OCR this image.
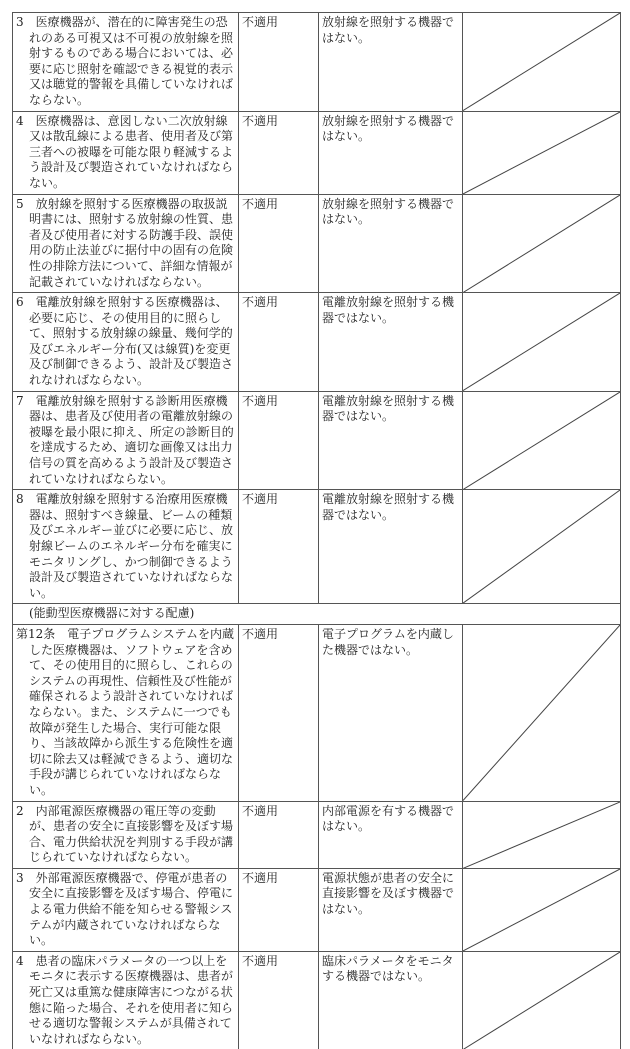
3　医療機器が、潜在的に障害発生の恐れのある可視又は不可視の放射線を照射するものである場合においては、必要に応じ照射を確認できる視覚的表示又は聴覚的警報を具備していなければならない。	不適用	放射線を照射する機器ではない。	

4　医療機器は、意図しない二次放射線又は散乱線による患者、使用者及び第三者への被曝を可能な限り軽減するよう設計及び製造されていなければならない。	不適用	放射線を照射する機器ではない。	

5　放射線を照射する医療機器の取扱説明書には、照射する放射線の性質、患者及び使用者に対する防護手段、誤使用の防止法並びに据付中の固有の危険性の排除方法について、詳細な情報が記載されていなければならない。	不適用	放射線を照射する機器ではない。	

6　電離放射線を照射する医療機器は、必要に応じ、その使用目的に照らして、照射する放射線の線量、幾何学的及びエネルギー分布(又は線質)を変更及び制御できるよう、設計及び製造されなければならない。	不適用	電離放射線を照射する機器ではない。	

7　電離放射線を照射する診断用医療機器は、患者及び使用者の電離放射線の被曝を最小限に抑え、所定の診断目的を達成するため、適切な画像又は出力信号の質を高めるよう設計及び製造されていなければならない。	不適用	電離放射線を照射する機器ではない。	

8　電離放射線を照射する治療用医療機器は、照射すべき線量、ビームの種類及びエネルギー並びに必要に応じ、放射線ビームのエネルギー分布を確実にモニタリングし、かつ制御できるよう設計及び製造されていなければならない。	不適用	電離放射線を照射する機器ではない。	

(能動型医療機器に対する配慮)			
第12条　電子プログラムシステムを内蔵した医療機器は、ソフトウェアを含めて、その使用目的に照らし、これらのシステムの再現性、信頼性及び性能が確保されるよう設計されていなければならない。また、システムに一つでも故障が発生した場合、実行可能な限り、当該故障から派生する危険性を適切に除去又は軽減できるよう、適切な手段が講じられていなければならない。	不適用	電子プログラムを内蔵した機器ではない。	

2　内部電源医療機器の電圧等の変動が、患者の安全に直接影響を及ぼす場合、電力供給状況を判別する手段が講じられていなければならない。	不適用	内部電源を有する機器ではない。	

3　外部電源医療機器で、停電が患者の安全に直接影響を及ぼす場合、停電による電力供給不能を知らせる警報システムが内蔵されていなければならない。	不適用	電源状態が患者の安全に直接影響を及ぼす機器ではない。	

4　患者の臨床パラメータの一つ以上をモニタに表示する医療機器は、患者が死亡又は重篤な健康障害につながる状態に陥った場合、それを使用者に知らせる適切な警報システムが具備されていなければならない。	不適用	臨床パラメータをモニタする機器ではない。	
